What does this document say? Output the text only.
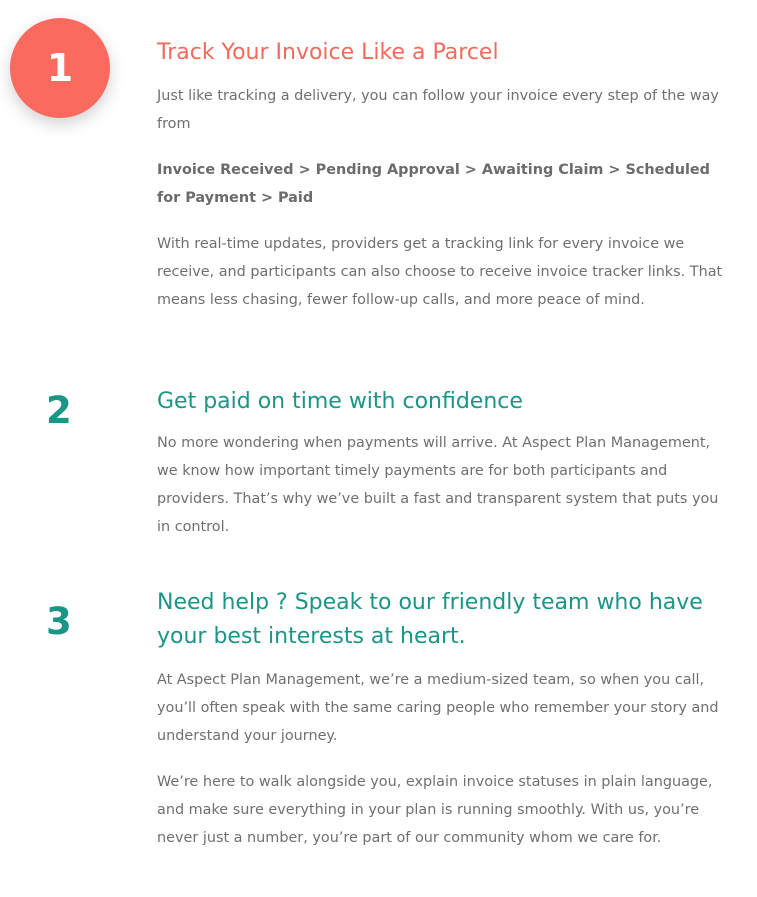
1	Track Your Invoice Like a Parcel

Just like tracking a delivery, you can follow your invoice every step of the way from

Invoice Received > Pending Approval > Awaiting Claim > Scheduled for Payment > Paid

With real-time updates, providers get a tracking link for every invoice we receive, and participants can also choose to receive invoice tracker links. That means less chasing, fewer follow-up calls, and more peace of mind.

2	Get paid on time with confidence

No more wondering when payments will arrive. At Aspect Plan Management, we know how important timely payments are for both participants and providers. That’s why we’ve built a fast and transparent system that puts you in control.

3	Need help ? Speak to our friendly team who have your best interests at heart.

At Aspect Plan Management, we’re a medium-sized team, so when you call, you’ll often speak with the same caring people who remember your story and understand your journey.

We’re here to walk alongside you, explain invoice statuses in plain language, and make sure everything in your plan is running smoothly. With us, you’re never just a number, you’re part of our community whom we care for.
